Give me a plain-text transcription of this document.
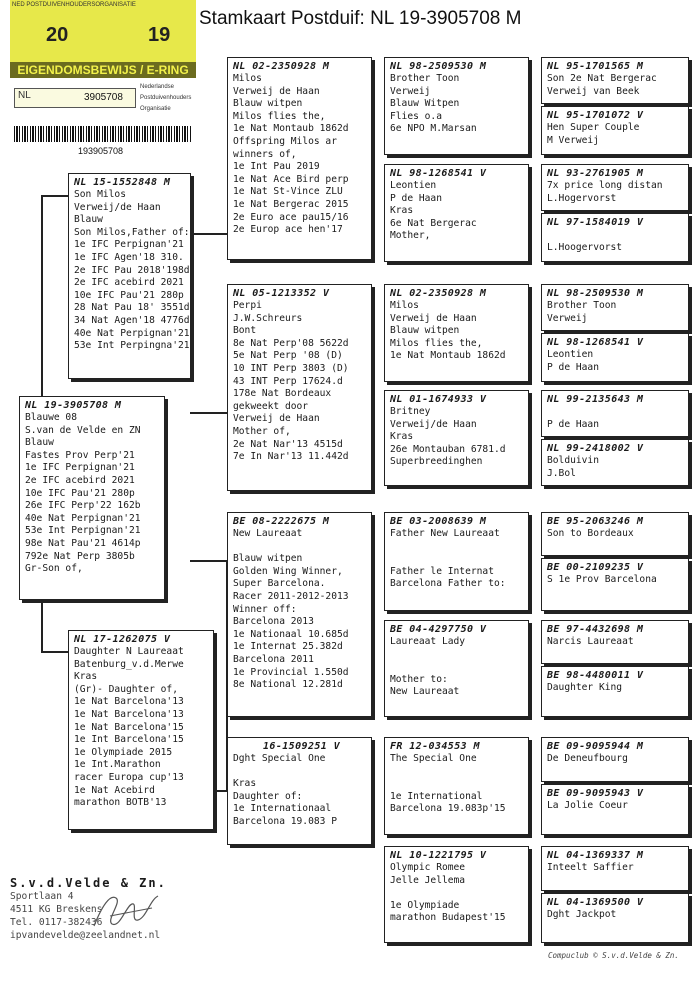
Stamkaart Postduif: NL 19-3905708 M
NED POSTDUIVENHOUDERSORGANISATIE
20	19
EIGENDOMSBEWIJS / E-RING
NL	3905708
Nederlandse
Postduivenhouders
Organisatie
193905708
NL 19-3905708 M
Blauwe 08
S.van de Velde en ZN
Blauw
Fastes Prov Perp'21
1e IFC Perpignan'21
2e IFC acebird 2021
10e IFC Pau'21 280p
26e IFC Perp'22 162b
40e Nat Perpignan'21
53e Int Perpignan'21
98e Nat Pau'21 4614p
792e Nat Perp 3805b
Gr-Son of,
NL 15-1552848 M
Son Milos
Verweij/de Haan
Blauw
Son Milos,Father of:
1e IFC Perpignan'21
1e IFC Agen'18 310.
2e IFC Pau 2018'198d
2e IFC acebird 2021
10e IFC Pau'21 280p
28 Nat Pau 18' 3551d
34 Nat Agen'18 4776d
40e Nat Perpignan'21
53e Int Perpingna'21
NL 17-1262075 V
Daughter N Laureaat
Batenburg_v.d.Merwe
Kras
(Gr)- Daughter of,
1e Nat Barcelona'13
1e Nat Barcelona'13
1e Nat Barcelona'15
1e Int Barcelona'15
1e Olympiade 2015
1e Int.Marathon
racer Europa cup'13
1e Nat Acebird
marathon BOTB'13
NL 02-2350928 M
Milos
Verweij de Haan
Blauw witpen
Milos flies the,
1e Nat Montaub 1862d
Offspring Milos ar
winners of,
1e Int Pau 2019
1e Nat Ace Bird perp
1e Nat St-Vince ZLU
1e Nat Bergerac 2015
2e Euro ace pau15/16
2e Europ ace hen'17
NL 05-1213352 V
Perpi
J.W.Schreurs
Bont
8e Nat Perp'08 5622d
5e Nat Perp '08 (D)
10 INT Perp 3803 (D)
43 INT Perp 17624.d
178e Nat Bordeaux
gekweekt door
Verweij de Haan
Mother of,
2e Nat Nar'13 4515d
7e In Nar'13 11.442d
BE 08-2222675 M
New Laureaat
Blauw witpen
Golden Wing Winner,
Super Barcelona.
Racer 2011-2012-2013
Winner off:
Barcelona 2013
1e Nationaal 10.685d
1e Internat 25.382d
Barcelona 2011
1e Provincial 1.550d
8e National 12.281d
16-1509251 V
Dght Special One
Kras
Daughter of:
1e Internationaal
Barcelona 19.083 P
NL 98-2509530 M
Brother Toon
Verweij
Blauw Witpen
Flies o.a
6e NPO M.Marsan
NL 98-1268541 V
Leontien
P de Haan
Kras
6e Nat Bergerac
Mother,
NL 02-2350928 M
Milos
Verweij de Haan
Blauw witpen
Milos flies the,
1e Nat Montaub 1862d
NL 01-1674933 V
Britney
Verweij/de Haan
Kras
26e Montauban 6781.d
Superbreedinghen
BE 03-2008639 M
Father New Laureaat
Father le Internat
Barcelona Father to:
BE 04-4297750 V
Laureaat Lady
Mother to:
New Laureaat
FR 12-034553 M
The Special One
1e International
Barcelona 19.083p'15
NL 10-1221795 V
Olympic Romee
Jelle Jellema
1e Olympiade
marathon Budapest'15
NL 95-1701565 M
Son 2e Nat Bergerac
Verweij van Beek
NL 95-1701072 V
Hen Super Couple
M Verweij
NL 93-2761905 M
7x price long distan
L.Hogervorst
NL 97-1584019 V
L.Hoogervorst
NL 98-2509530 M
Brother Toon
Verweij
NL 98-1268541 V
Leontien
P de Haan
NL 99-2135643 M
P de Haan
NL 99-2418002 V
Bolduivin
J.Bol
BE 95-2063246 M
Son to Bordeaux
BE 00-2109235 V
S 1e Prov Barcelona
BE 97-4432698 M
Narcis Laureaat
BE 98-4480011 V
Daughter King
BE 09-9095944 M
De Deneufbourg
BE 09-9095943 V
La Jolie Coeur
NL 04-1369337 M
Inteelt Saffier
NL 04-1369500 V
Dght Jackpot
S.v.d.Velde & Zn.
Sportlaan 4
4511 KG Breskens
Tel. 0117-382436
ipvandevelde@zeelandnet.nl
Compuclub © S.v.d.Velde & Zn.
